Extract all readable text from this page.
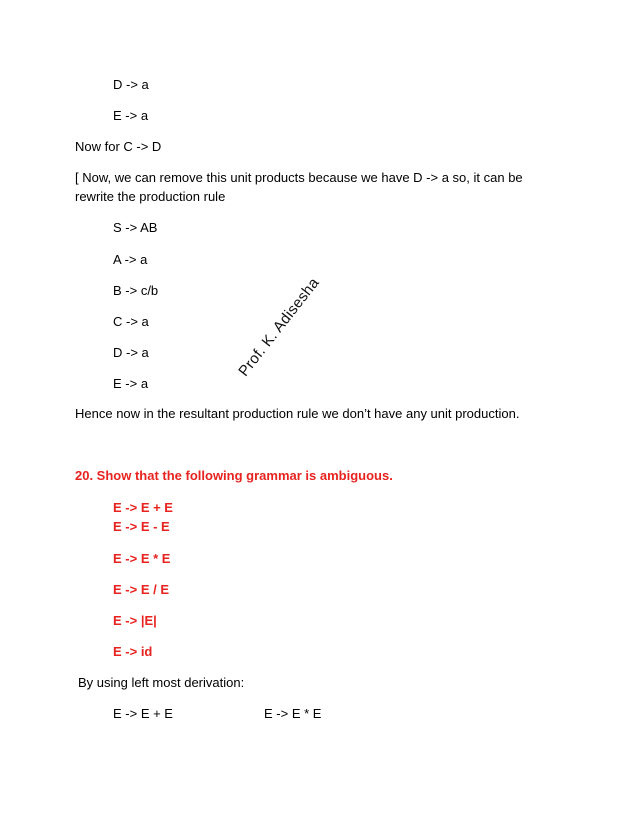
D -> a
E -> a
Now for C -> D
[ Now, we can remove this unit products because we have D -> a so, it can be
rewrite the production rule
S -> AB
A -> a
B -> c/b
C -> a
D -> a
E -> a
Hence now in the resultant production rule we don’t have any unit production.
20. Show that the following grammar is ambiguous.
E -> E + E
E -> E - E
E -> E * E
E -> E / E
E -> |E|
E -> id
By using left most derivation:
E -> E + E	E -> E * E
Prof. K. Adisesha
